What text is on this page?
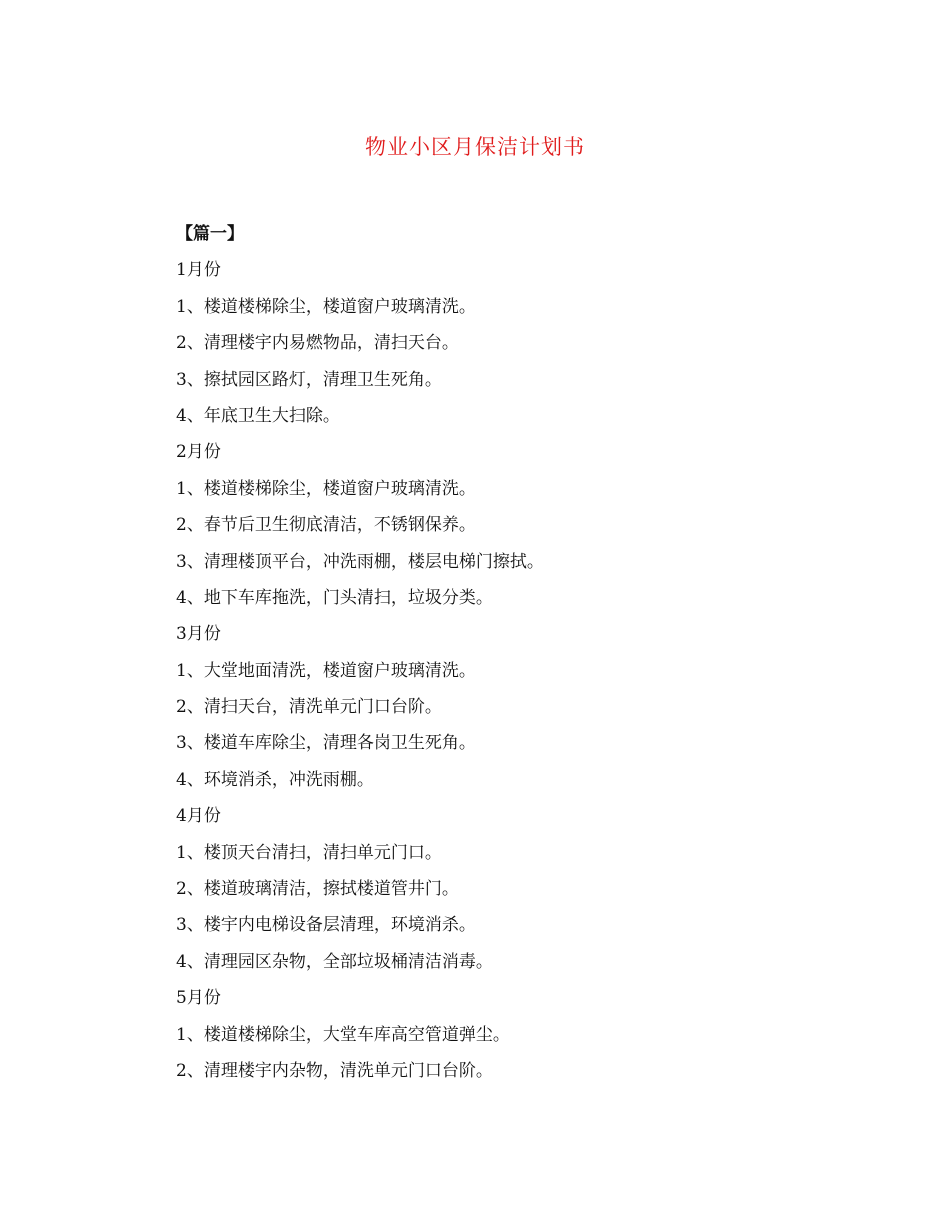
物业小区月保洁计划书
【篇一】
1月份
1、楼道楼梯除尘，楼道窗户玻璃清洗。
2、清理楼宇内易燃物品，清扫天台。
3、擦拭园区路灯，清理卫生死角。
4、年底卫生大扫除。
2月份
1、楼道楼梯除尘，楼道窗户玻璃清洗。
2、春节后卫生彻底清洁，不锈钢保养。
3、清理楼顶平台，冲洗雨棚，楼层电梯门擦拭。
4、地下车库拖洗，门头清扫，垃圾分类。
3月份
1、大堂地面清洗，楼道窗户玻璃清洗。
2、清扫天台，清洗单元门口台阶。
3、楼道车库除尘，清理各岗卫生死角。
4、环境消杀，冲洗雨棚。
4月份
1、楼顶天台清扫，清扫单元门口。
2、楼道玻璃清洁，擦拭楼道管井门。
3、楼宇内电梯设备层清理，环境消杀。
4、清理园区杂物，全部垃圾桶清洁消毒。
5月份
1、楼道楼梯除尘，大堂车库高空管道弹尘。
2、清理楼宇内杂物，清洗单元门口台阶。
